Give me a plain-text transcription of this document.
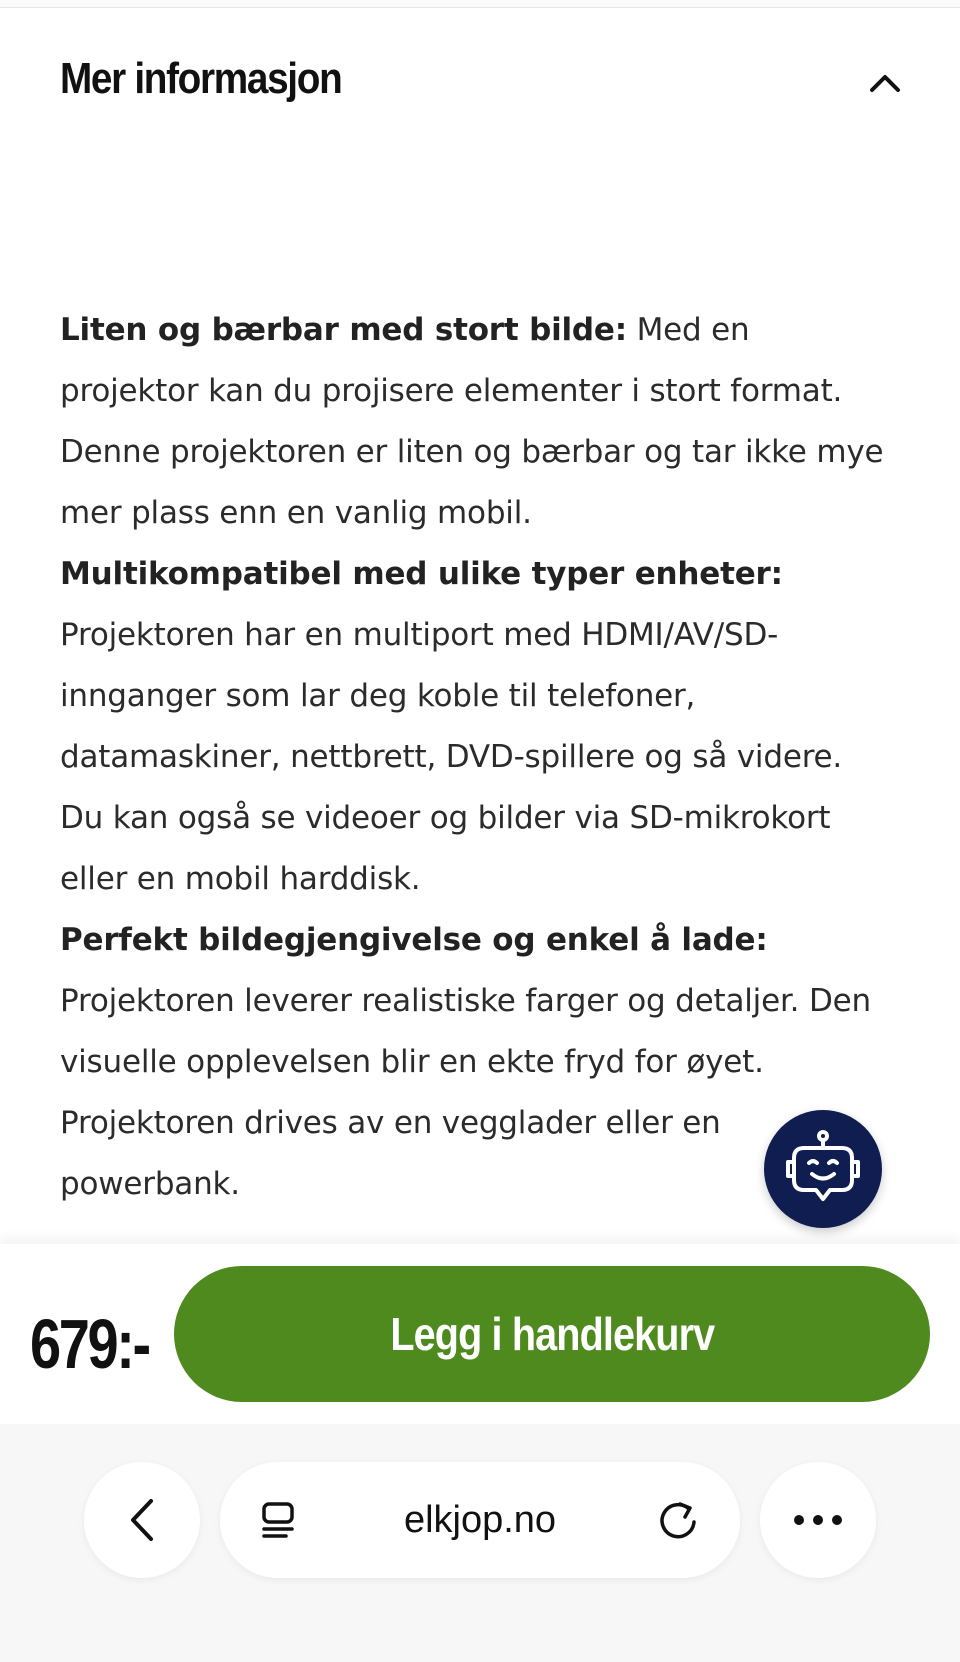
Mer informasjon

Liten og bærbar med stort bilde: Med en projektor kan du projisere elementer i stort format. Denne projektoren er liten og bærbar og tar ikke mye mer plass enn en vanlig mobil.

Multikompatibel med ulike typer enheter: Projektoren har en multiport med HDMI/AV/SD-innganger som lar deg koble til telefoner, datamaskiner, nettbrett, DVD-spillere og så videre. Du kan også se videoer og bilder via SD-mikrokort eller en mobil harddisk.

Perfekt bildegjengivelse og enkel å lade: Projektoren leverer realistiske farger og detaljer. Den visuelle opplevelsen blir en ekte fryd for øyet. Projektoren drives av en vegglader eller en powerbank.

679:-	Legg i handlekurv
elkjop.no
